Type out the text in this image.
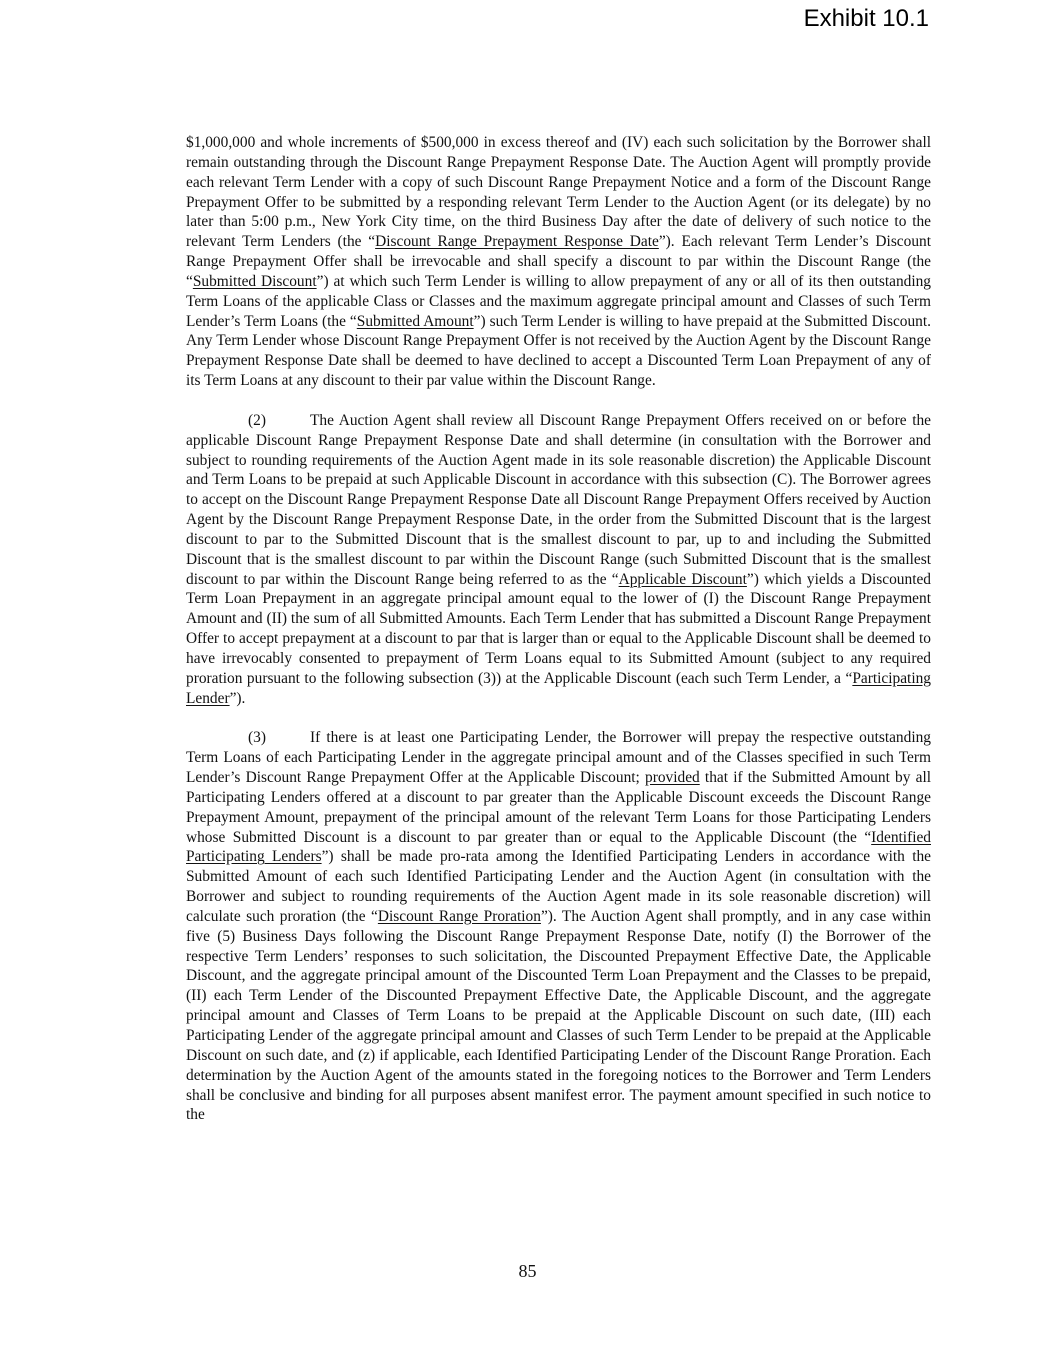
Exhibit 10.1

$1,000,000 and whole increments of $500,000 in excess thereof and (IV) each such solicitation by the Borrower shall remain outstanding through the Discount Range Prepayment Response Date. The Auction Agent will promptly provide each relevant Term Lender with a copy of such Discount Range Prepayment Notice and a form of the Discount Range Prepayment Offer to be submitted by a responding relevant Term Lender to the Auction Agent (or its delegate) by no later than 5:00 p.m., New York City time, on the third Business Day after the date of delivery of such notice to the relevant Term Lenders (the “Discount Range Prepayment Response Date”). Each relevant Term Lender’s Discount Range Prepayment Offer shall be irrevocable and shall specify a discount to par within the Discount Range (the “Submitted Discount”) at which such Term Lender is willing to allow prepayment of any or all of its then outstanding Term Loans of the applicable Class or Classes and the maximum aggregate principal amount and Classes of such Term Lender’s Term Loans (the “Submitted Amount”) such Term Lender is willing to have prepaid at the Submitted Discount. Any Term Lender whose Discount Range Prepayment Offer is not received by the Auction Agent by the Discount Range Prepayment Response Date shall be deemed to have declined to accept a Discounted Term Loan Prepayment of any of its Term Loans at any discount to their par value within the Discount Range.

(2)	The Auction Agent shall review all Discount Range Prepayment Offers received on or before the applicable Discount Range Prepayment Response Date and shall determine (in consultation with the Borrower and subject to rounding requirements of the Auction Agent made in its sole reasonable discretion) the Applicable Discount and Term Loans to be prepaid at such Applicable Discount in accordance with this subsection (C). The Borrower agrees to accept on the Discount Range Prepayment Response Date all Discount Range Prepayment Offers received by Auction Agent by the Discount Range Prepayment Response Date, in the order from the Submitted Discount that is the largest discount to par to the Submitted Discount that is the smallest discount to par, up to and including the Submitted Discount that is the smallest discount to par within the Discount Range (such Submitted Discount that is the smallest discount to par within the Discount Range being referred to as the “Applicable Discount”) which yields a Discounted Term Loan Prepayment in an aggregate principal amount equal to the lower of (I) the Discount Range Prepayment Amount and (II) the sum of all Submitted Amounts. Each Term Lender that has submitted a Discount Range Prepayment Offer to accept prepayment at a discount to par that is larger than or equal to the Applicable Discount shall be deemed to have irrevocably consented to prepayment of Term Loans equal to its Submitted Amount (subject to any required proration pursuant to the following subsection (3)) at the Applicable Discount (each such Term Lender, a “Participating Lender”).

(3)	If there is at least one Participating Lender, the Borrower will prepay the respective outstanding Term Loans of each Participating Lender in the aggregate principal amount and of the Classes specified in such Term Lender’s Discount Range Prepayment Offer at the Applicable Discount; provided that if the Submitted Amount by all Participating Lenders offered at a discount to par greater than the Applicable Discount exceeds the Discount Range Prepayment Amount, prepayment of the principal amount of the relevant Term Loans for those Participating Lenders whose Submitted Discount is a discount to par greater than or equal to the Applicable Discount (the “Identified Participating Lenders”) shall be made pro-rata among the Identified Participating Lenders in accordance with the Submitted Amount of each such Identified Participating Lender and the Auction Agent (in consultation with the Borrower and subject to rounding requirements of the Auction Agent made in its sole reasonable discretion) will calculate such proration (the “Discount Range Proration”). The Auction Agent shall promptly, and in any case within five (5) Business Days following the Discount Range Prepayment Response Date, notify (I) the Borrower of the respective Term Lenders’ responses to such solicitation, the Discounted Prepayment Effective Date, the Applicable Discount, and the aggregate principal amount of the Discounted Term Loan Prepayment and the Classes to be prepaid, (II) each Term Lender of the Discounted Prepayment Effective Date, the Applicable Discount, and the aggregate principal amount and Classes of Term Loans to be prepaid at the Applicable Discount on such date, (III) each Participating Lender of the aggregate principal amount and Classes of such Term Lender to be prepaid at the Applicable Discount on such date, and (z) if applicable, each Identified Participating Lender of the Discount Range Proration. Each determination by the Auction Agent of the amounts stated in the foregoing notices to the Borrower and Term Lenders shall be conclusive and binding for all purposes absent manifest error. The payment amount specified in such notice to the

85
